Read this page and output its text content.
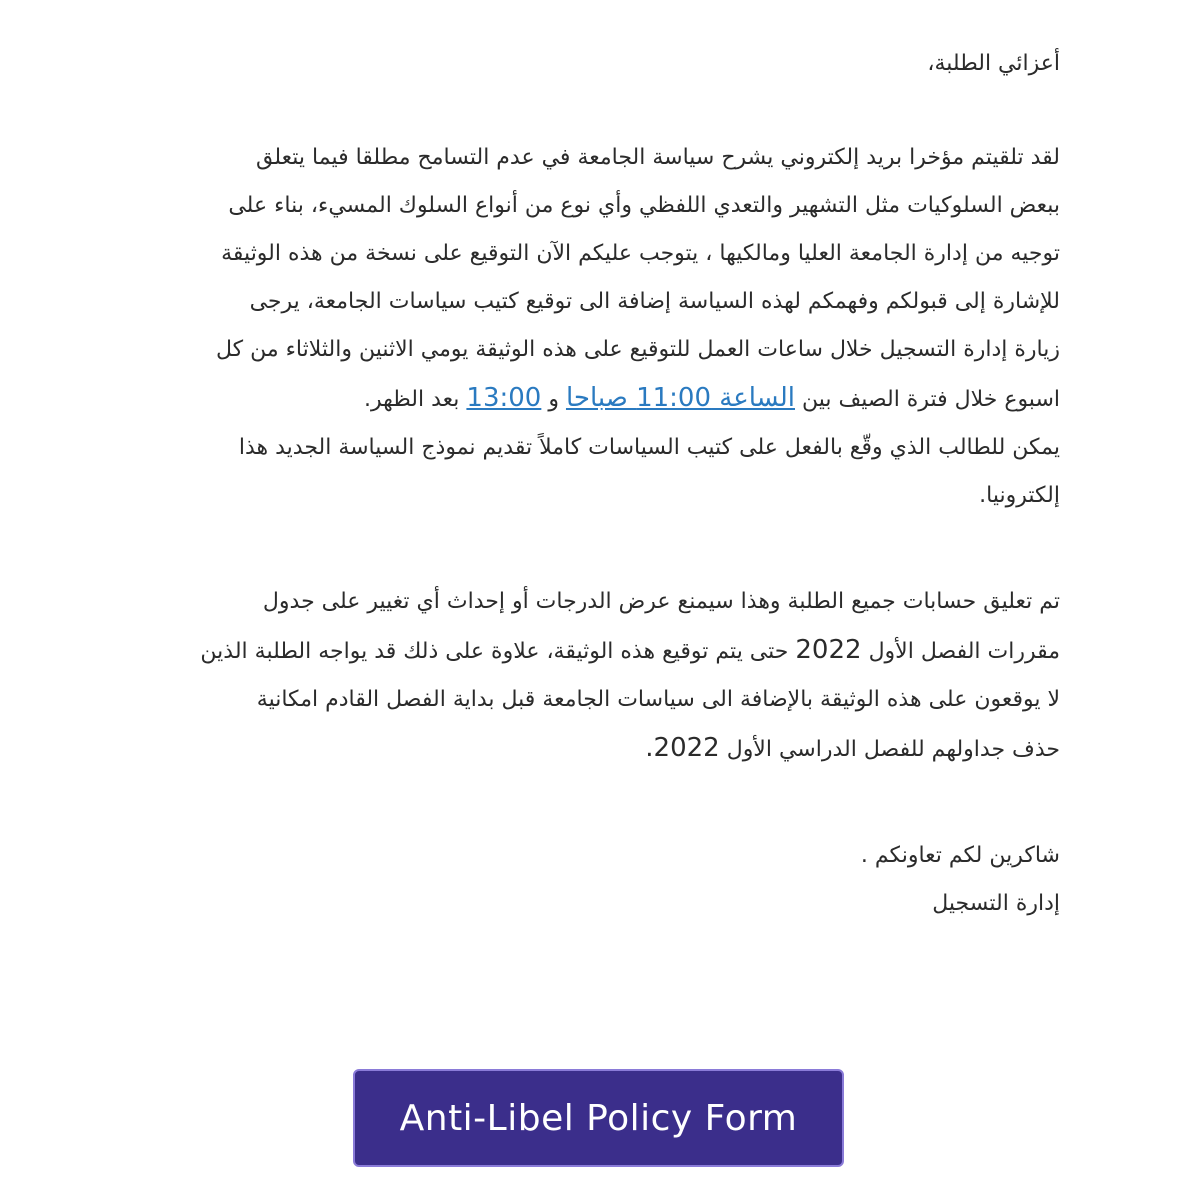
أعزائي الطلبة،

لقد تلقيتم مؤخرا بريد إلكتروني يشرح سياسة الجامعة في عدم التسامح مطلقا فيما يتعلق
ببعض السلوكيات مثل التشهير والتعدي اللفظي وأي نوع من أنواع السلوك المسيء، بناء على
توجيه من إدارة الجامعة العليا ومالكيها ، يتوجب عليكم الآن التوقيع على نسخة من هذه الوثيقة
للإشارة إلى قبولكم وفهمكم لهذه السياسة إضافة الى توقيع كتيب سياسات الجامعة، يرجى
زيارة إدارة التسجيل خلال ساعات العمل للتوقيع على هذه الوثيقة يومي الاثنين والثلاثاء من كل
اسبوع خلال فترة الصيف بين الساعة 11:00 صباحا و 13:00 بعد الظهر.
يمكن للطالب الذي وقّع بالفعل على كتيب السياسات كاملاً تقديم نموذج السياسة الجديد هذا
إلكترونيا.

تم تعليق حسابات جميع الطلبة وهذا سيمنع عرض الدرجات أو إحداث أي تغيير على جدول
مقررات الفصل الأول 2022 حتى يتم توقيع هذه الوثيقة، علاوة على ذلك قد يواجه الطلبة الذين
لا يوقعون على هذه الوثيقة بالإضافة الى سياسات الجامعة قبل بداية الفصل القادم امكانية
حذف جداولهم للفصل الدراسي الأول 2022.

شاكرين لكم تعاونكم .
إدارة التسجيل

Anti-Libel Policy Form
